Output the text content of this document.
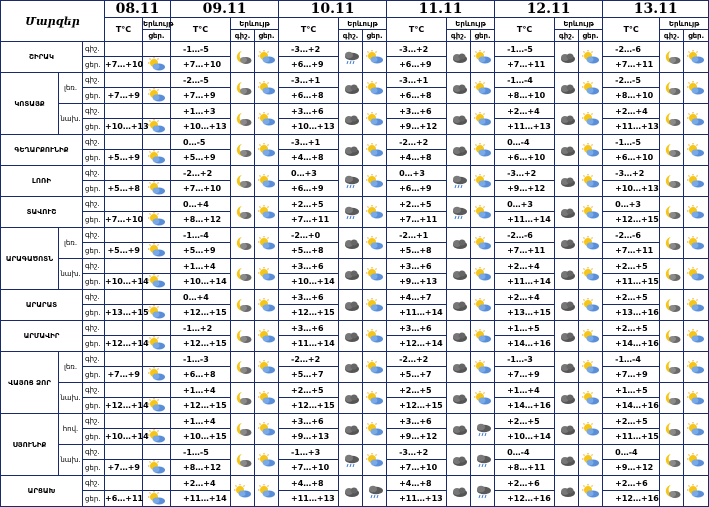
Մարզեր			08.11		09.11			10.11			11.11			12.11			13.11		
			T°C	Երևույթ	T°C	Երևույթ		T°C	Երևույթ		T°C	Երևույթ		T°C	Երևույթ		T°C	Երևույթ	
				ցեր.		գիշ.	ցեր.		գիշ.	ցեր.		գիշ.	ցեր.		գիշ.	ցեր.		գիշ.	ցեր.
ՇԻՐԱԿ		գիշ.			-1…-5			-3…+2			-3…+2			-1…-5			-2…-6	

		ցեր.	+7…+10		+7…+10			+6…+9			+6…+9			+7…+11			+7…+11		
ԿՈՏԱՅՔ	լեռ.	գիշ.			-2…-5			-3…+1			-3…+1			-1…-4			-2…-5	

		ցեր.	+7…+9		+7…+9			+6…+8			+6…+8			+8…+10			+8…+10		
	նախ.	գիշ.			+1…+3			+3…+6			+3…+6			+2…+4			+2…+4	

		ցեր.	+10…+13		+10…+13			+10…+13			+9…+12			+11…+13			+11…+13		
ԳԵՂԱՐՔՈՒՆԻՔ		գիշ.			0…-5			-3…+1			-2…+2			0…-4			-1…-5	

		ցեր.	+5…+9		+5…+9			+4…+8			+4…+8			+6…+10			+6…+10		
ԼՈՌԻ		գիշ.			-2…+2			0…+3			0…+3			-3…+2			-3…+2	

		ցեր.	+5…+8		+7…+10			+6…+9			+6…+9			+9…+12			+10…+13		
ՏԱՎՈՒՇ		գիշ.			0…+4			+2…+5			+2…+5			0…+3			0…+3	

		ցեր.	+7…+10		+8…+12			+7…+11			+7…+11			+11…+14			+12…+15		
ԱՐԱԳԱԾՈՏՆ	լեռ.	գիշ.			-1…-4			-2…+0			-2…+1			-2…-6			-2…-6	

		ցեր.	+5…+9		+5…+9			+5…+8			+5…+8			+7…+11			+7…+11		
	նախ.	գիշ.			+1…+4			+3…+6			+3…+6			+2…+4			+2…+5	

		ցեր.	+10…+14		+10…+14			+10…+14			+9…+13			+11…+14			+11…+15		
ԱՐԱՐԱՏ		գիշ.			0…+4			+3…+6			+4…+7			+2…+4			+2…+5	

		ցեր.	+13…+15		+12…+15			+12…+15			+11…+14			+13…+15			+13…+16		
ԱՐՄԱՎԻՐ		գիշ.			-1…+2			+3…+6			+3…+6			+1…+5			+2…+5	

		ցեր.	+12…+14		+12…+15			+11…+14			+12…+14			+14…+16			+14…+16		
ՎԱՅՈՑ ՁՈՐ	լեռ.	գիշ.			-1…-3			-2…+2			-2…+2			-1…-3			-1…-4	

		ցեր.	+7…+9		+6…+8			+5…+7			+5…+7			+7…+9			+7…+9		
	նախ.	գիշ.			+1…+4			+2…+5			+2…+5			+1…+4			+1…+5	

		ցեր.	+12…+14		+12…+15			+12…+15			+12…+15			+14…+16			+14…+16		
ՍՅՈՒՆԻՔ	հով.	գիշ.			+1…+4			+3…+6			+3…+6			+2…+5			+2…+5	

		ցեր.	+10…+14		+10…+15			+9…+13			+9…+12			+10…+14			+11…+15		
	նախ.	գիշ.			-1…-5			-1…+3			-3…+2			0…-4			0…-4	

		ցեր.	+7…+9		+8…+12			+7…+10			+7…+10			+8…+11			+9…+12		
ԱՐՑԱԽ		գիշ.			+2…+4			+4…+8			+4…+8			+2…+6			+2…+6	

		ցեր.	+6…+11		+11…+14			+11…+13			+11…+13			+12…+16			+12…+16		
